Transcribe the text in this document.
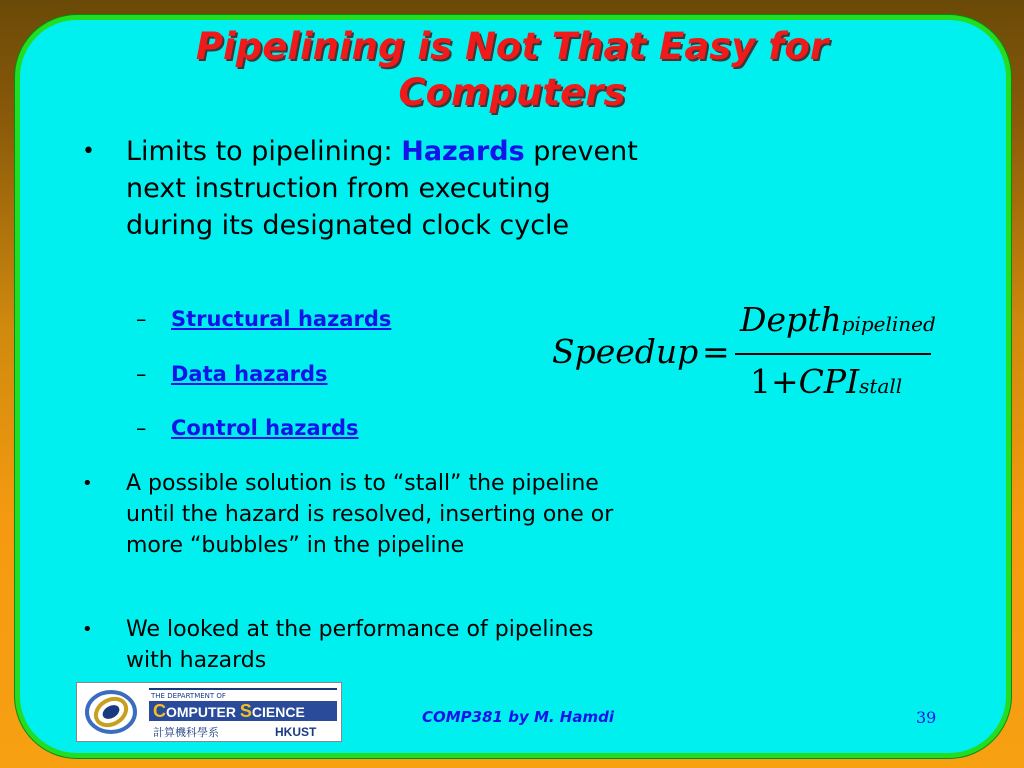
Pipelining is Not That Easy for Computers
•	Limits to pipelining: Hazards prevent next instruction from executing during its designated clock cycle
– Structural hazards
– Data hazards
– Control hazards
•	A possible solution is to “stall” the pipeline until the hazard is resolved, inserting one or more “bubbles” in the pipeline
•	We looked at the performance of pipelines with hazards
Speedup =
Depthpipelined
1+CPIstall
THE DEPARTMENT OF
COMPUTER SCIENCE
計算機科學系	HKUST
COMP381 by M. Hamdi	39
